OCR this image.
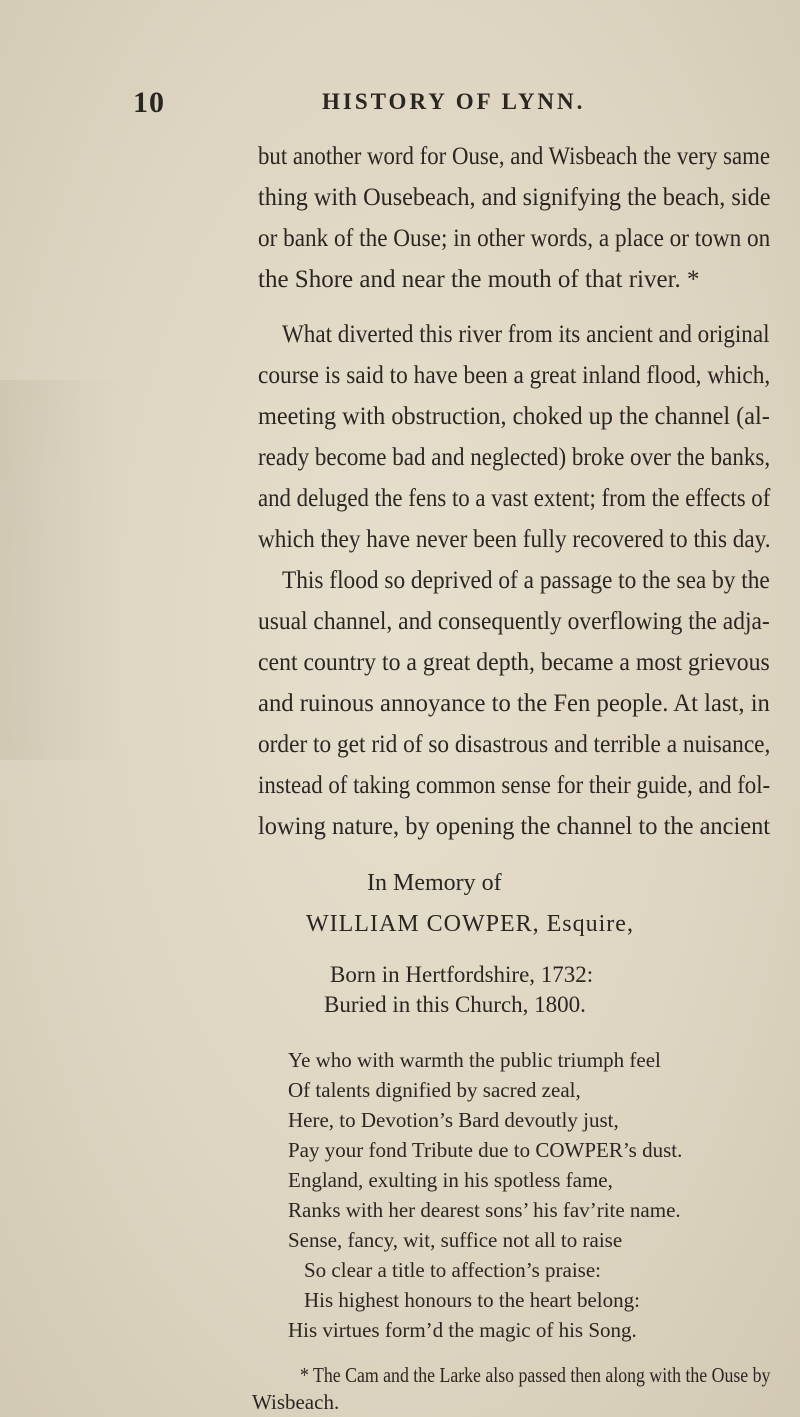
10	HISTORY OF LYNN.
but another word for Ouse, and Wisbeach the very same
thing with Ousebeach, and signifying the beach, side
or bank of the Ouse; in other words, a place or town on
the Shore and near the mouth of that river. *
What diverted this river from its ancient and original
course is said to have been a great inland flood, which,
meeting with obstruction, choked up the channel (al-
ready become bad and neglected) broke over the banks,
and deluged the fens to a vast extent; from the effects of
which they have never been fully recovered to this day.
This flood so deprived of a passage to the sea by the
usual channel, and consequently overflowing the adja-
cent country to a great depth, became a most grievous
and ruinous annoyance to the Fen people. At last, in
order to get rid of so disastrous and terrible a nuisance,
instead of taking common sense for their guide, and fol-
lowing nature, by opening the channel to the ancient
In Memory of
WILLIAM COWPER, Esquire,
Born in Hertfordshire, 1732:
Buried in this Church, 1800.
Ye who with warmth the public triumph feel
Of talents dignified by sacred zeal,
Here, to Devotion’s Bard devoutly just,
Pay your fond Tribute due to COWPER’s dust.
England, exulting in his spotless fame,
Ranks with her dearest sons’ his fav’rite name.
Sense, fancy, wit, suffice not all to raise
So clear a title to affection’s praise:
His highest honours to the heart belong:
His virtues form’d the magic of his Song.
* The Cam and the Larke also passed then along with the Ouse by
Wisbeach.
